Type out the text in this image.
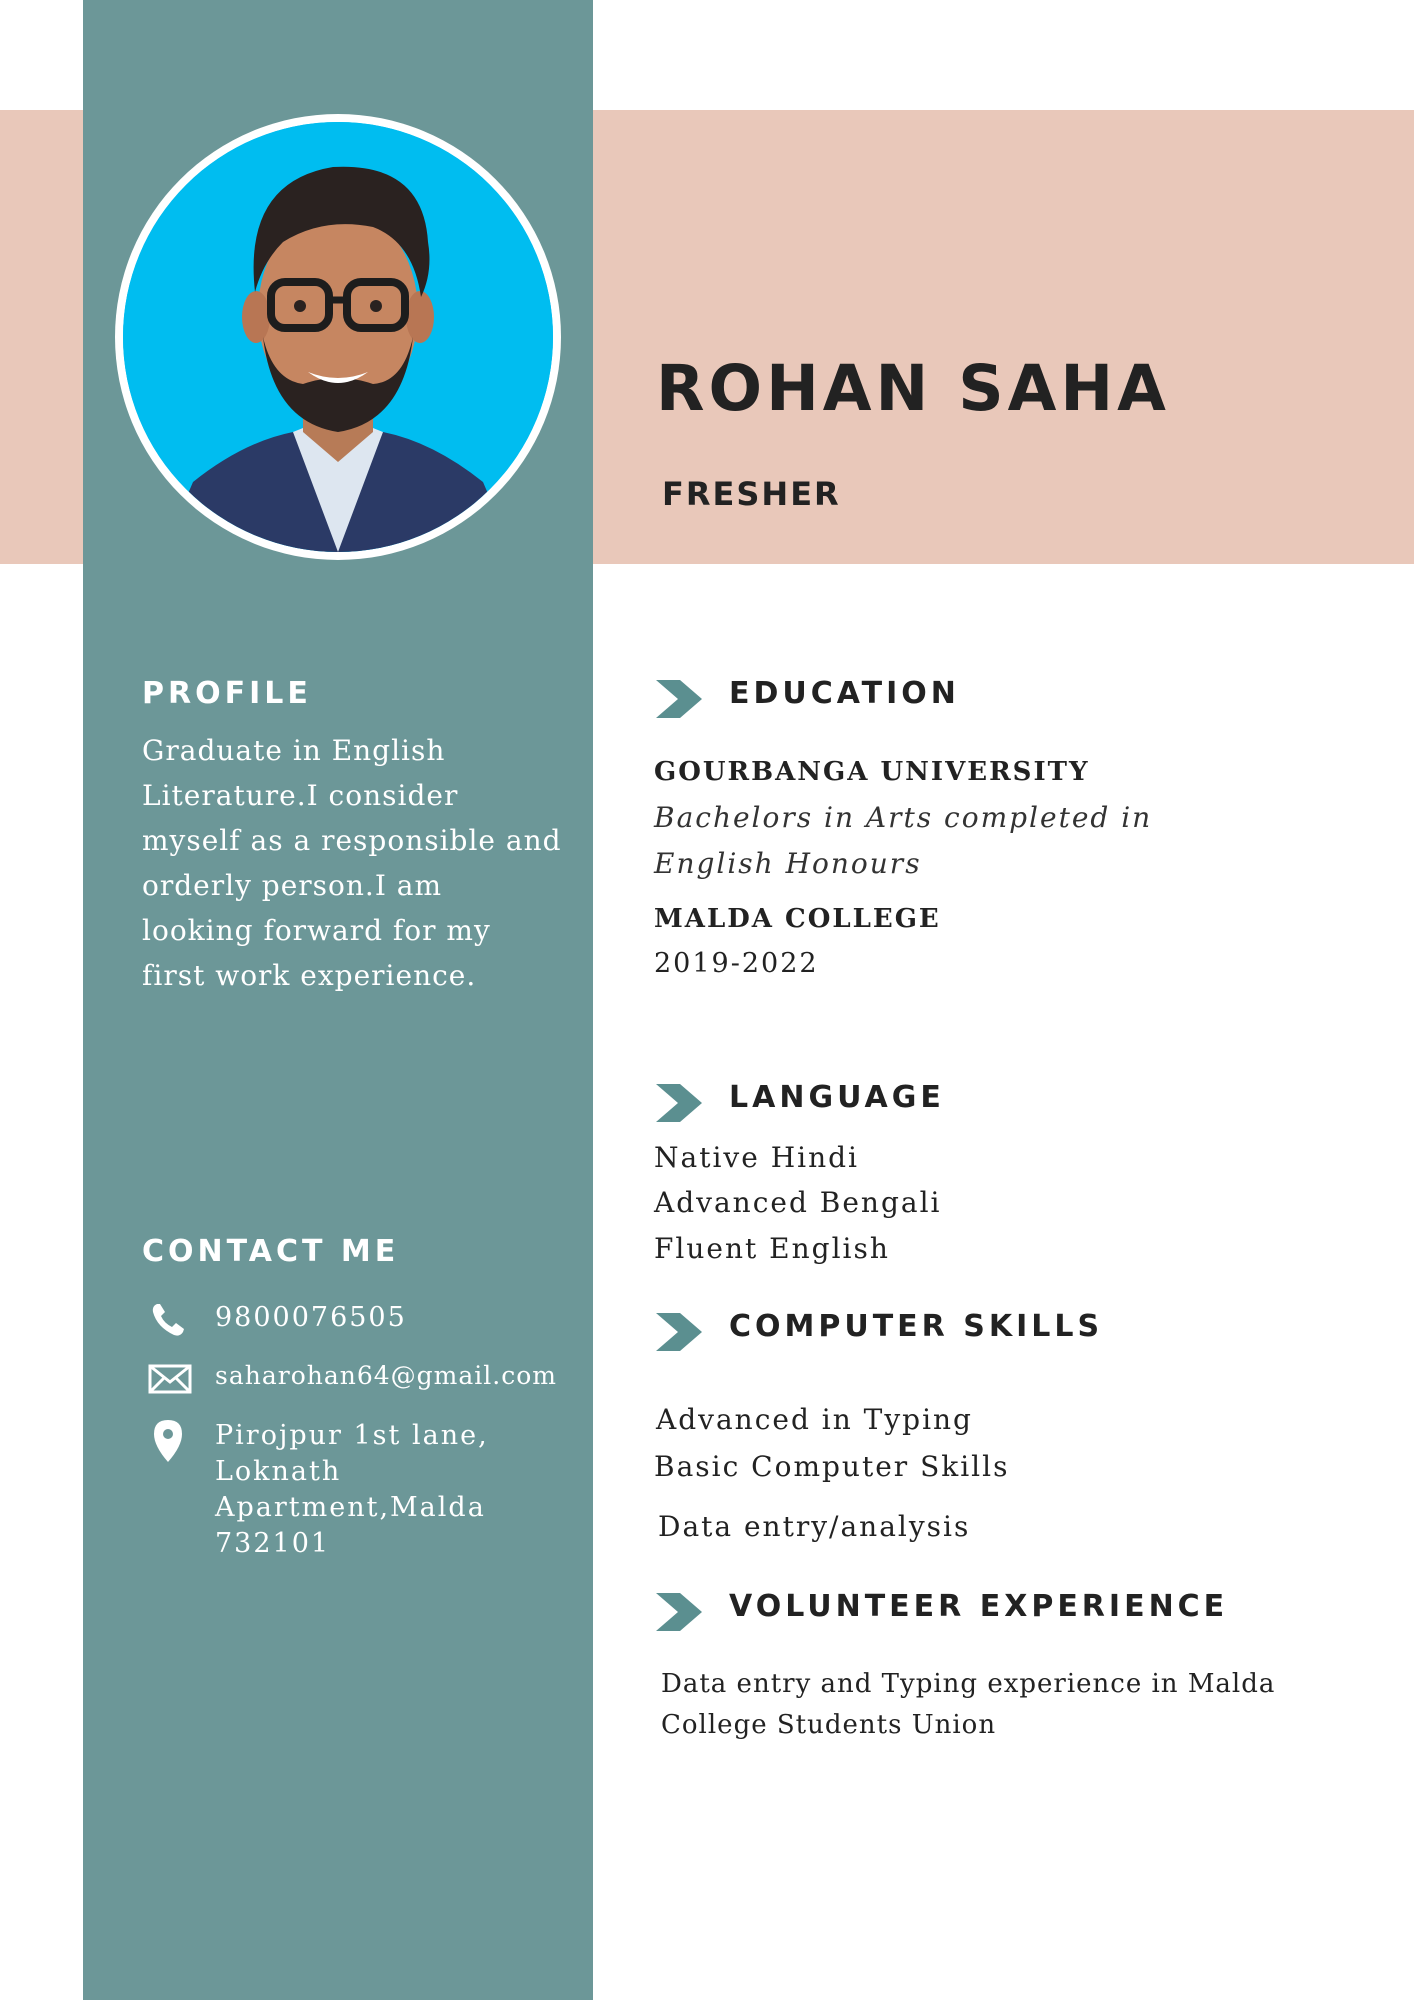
ROHAN SAHA
FRESHER
PROFILE
Graduate in English Literature.I consider myself as a responsible and orderly person.I am looking forward for my first work experience.
CONTACT ME
9800076505
saharohan64@gmail.com
Pirojpur 1st lane,
Loknath
Apartment,Malda
732101
EDUCATION
GOURBANGA UNIVERSITY
Bachelors in Arts completed in English Honours
MALDA COLLEGE
2019-2022
LANGUAGE
Native Hindi
Advanced Bengali
Fluent English
COMPUTER SKILLS
Advanced in Typing
Basic Computer Skills
Data entry/analysis
VOLUNTEER EXPERIENCE
Data entry and Typing experience in Malda College Students Union
